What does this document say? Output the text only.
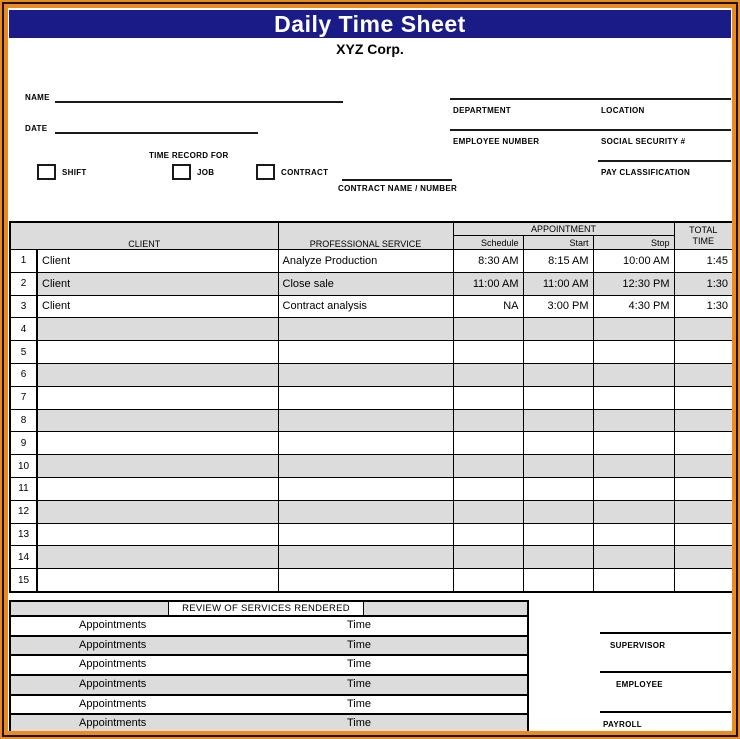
Daily Time Sheet
XYZ Corp.
NAME
DATE
TIME RECORD FOR
SHIFT	JOB	CONTRACT
CONTRACT NAME / NUMBER
DEPARTMENT	LOCATION
EMPLOYEE NUMBER	SOCIAL SECURITY #
PAY CLASSIFICATION
CLIENT		PROFESSIONAL SERVICE	APPOINTMENT			TOTAL
TIME

			Schedule	Start	Stop	
1	Client	Analyze Production	8:30 AM	8:15 AM	10:00 AM	1:45
2	Client	Close sale	11:00 AM	11:00 AM	12:30 PM	1:30
3	Client	Contract analysis	NA	3:00 PM	4:30 PM	1:30
4						
5						
6						
7						
8						
9						
10						
11						
12						
13						
14						
15						
REVIEW OF SERVICES RENDERED
Appointments	Time
Appointments	Time
Appointments	Time
Appointments	Time
Appointments	Time
Appointments	Time
SUPERVISOR
EMPLOYEE
PAYROLL
